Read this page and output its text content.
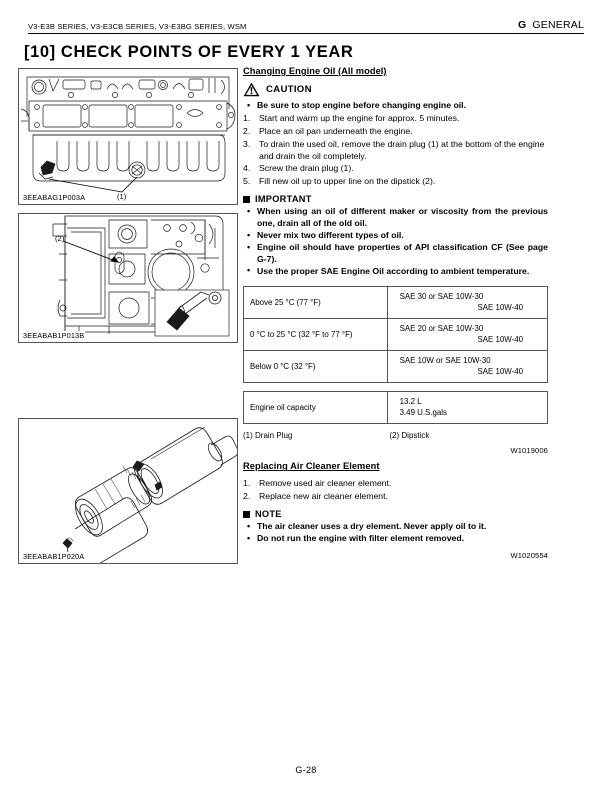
V3-E3B SERIES, V3-E3CB SERIES, V3-E3BG SERIES, WSM	G GENERAL
[10] CHECK POINTS OF EVERY 1 YEAR
(1)
3EEABAG1P003A
(2)
3EEABAB1P013B
3EEABAB1P020A
Changing Engine Oil (All model)
CAUTION
• Be sure to stop engine before changing engine oil.
1. Start and warm up the engine for approx. 5 minutes.
2. Place an oil pan underneath the engine.
3. To drain the used oil, remove the drain plug (1) at the bottom of the engine and drain the oil completely.
4. Screw the drain plug (1).
5. Fill new oil up to upper line on the dipstick (2).
IMPORTANT
• When using an oil of different maker or viscosity from the previous one, drain all of the old oil.
• Never mix two different types of oil.
• Engine oil should have properties of API classification CF (See page G-7).
• Use the proper SAE Engine Oil according to ambient temperature.
Above 25 °C (77 °F)	SAE 30 or SAE 10W-30
SAE 10W-40

0 °C to 25 °C (32 °F to 77 °F)	SAE 20 or SAE 10W-30
SAE 10W-40

Below 0 °C (32 °F)	SAE 10W or SAE 10W-30
SAE 10W-40
Engine oil capacity	
13.2 L
3.49 U.S.gals
(1) Drain Plug	(2) Dipstick
W1019006
Replacing Air Cleaner Element
1. Remove used air cleaner element.
2. Replace new air cleaner element.
NOTE
• The air cleaner uses a dry element. Never apply oil to it.
• Do not run the engine with filter element removed.
W1020554
G-28
